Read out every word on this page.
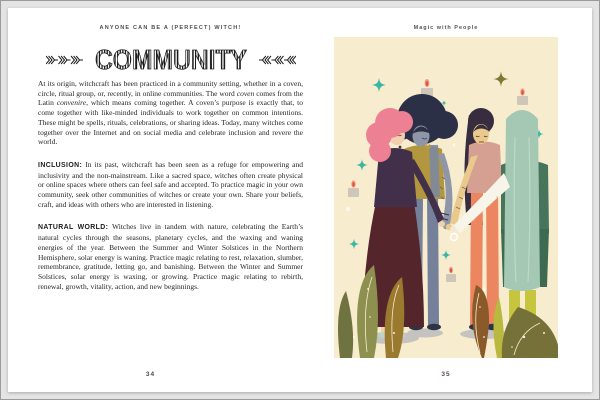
ANYONE CAN BE A (PERFECT) WITCH!
COMMUNITY

At its origin, witchcraft has been practiced in a community setting, whether in a coven, circle, ritual group, or, recently, in online communities. The word coven comes from the Latin convenire, which means coming together. A coven’s purpose is exactly that, to come together with like-minded individuals to work together on common intentions. These might be spells, rituals, celebrations, or sharing ideas. Today, many witches come together over the Internet and on social media and celebrate inclusion and revere the world.

INCLUSION: In its past, witchcraft has been seen as a refuge for empowering and inclusivity and the non-mainstream. Like a sacred space, witches often create physical or online spaces where others can feel safe and accepted. To practice magic in your own community, seek other communities of witches or create your own. Share your beliefs, craft, and ideas with others who are interested in listening.

NATURAL WORLD: Witches live in tandem with nature, celebrating the Earth’s natural cycles through the seasons, planetary cycles, and the waxing and waning energies of the year. Between the Summer and Winter Solstices in the Northern Hemisphere, solar energy is waning. Practice magic relating to rest, relaxation, slumber, remembrance, gratitude, letting go, and banishing. Between the Winter and Summer Solstices, solar energy is waxing, or growing. Practice magic relating to rebirth, renewal, growth, vitality, action, and new beginnings.

34
Magic with People
35
